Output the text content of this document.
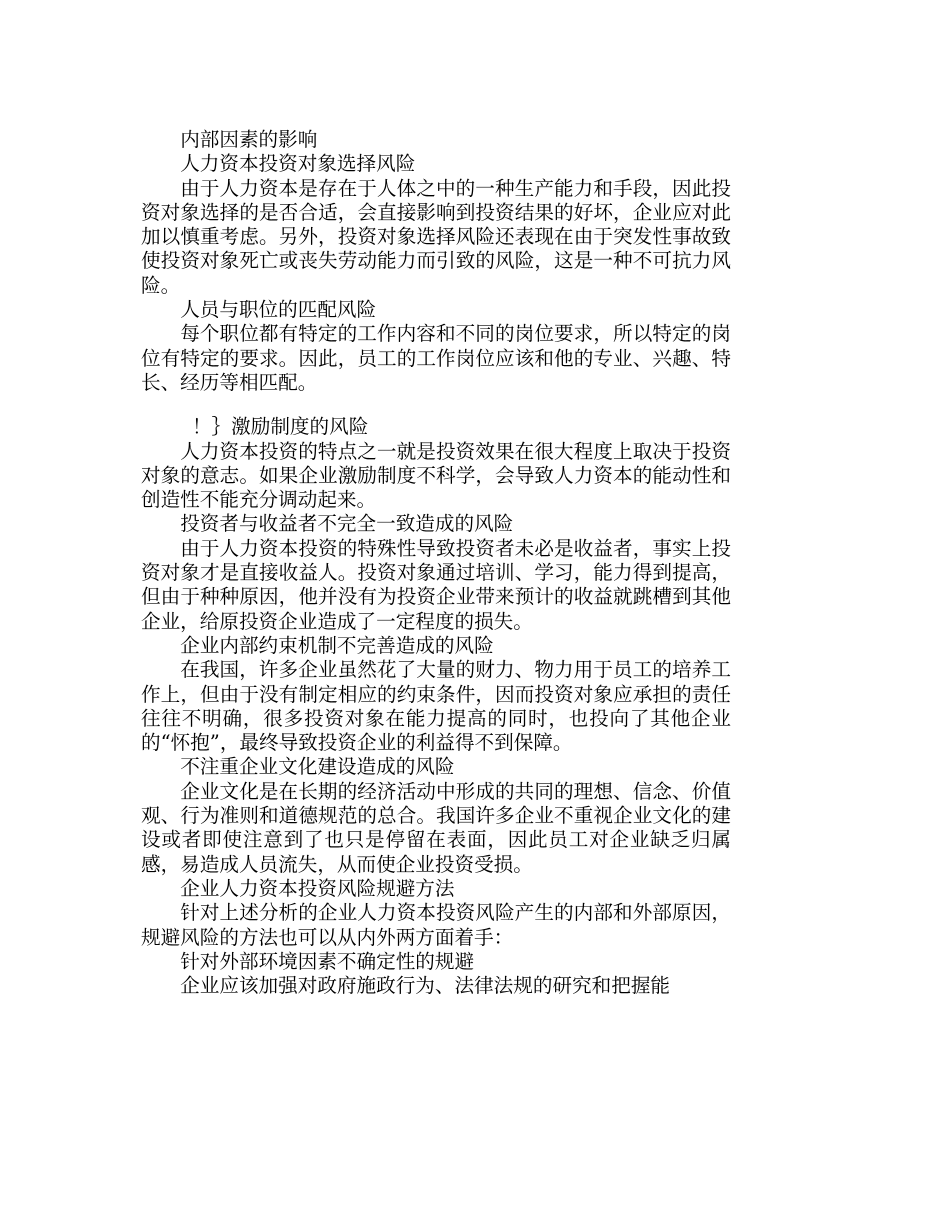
内部因素的影响

人力资本投资对象选择风险

由于人力资本是存在于人体之中的一种生产能力和手段，因此投资对象选择的是否合适，会直接影响到投资结果的好坏，企业应对此加以慎重考虑。另外，投资对象选择风险还表现在由于突发性事故致使投资对象死亡或丧失劳动能力而引致的风险，这是一种不可抗力风险。

人员与职位的匹配风险

每个职位都有特定的工作内容和不同的岗位要求，所以特定的岗位有特定的要求。因此，员工的工作岗位应该和他的专业、兴趣、特长、经历等相匹配。

！｝激励制度的风险

人力资本投资的特点之一就是投资效果在很大程度上取决于投资对象的意志。如果企业激励制度不科学，会导致人力资本的能动性和创造性不能充分调动起来。

投资者与收益者不完全一致造成的风险

由于人力资本投资的特殊性导致投资者未必是收益者，事实上投资对象才是直接收益人。投资对象通过培训、学习，能力得到提高，但由于种种原因，他并没有为投资企业带来预计的收益就跳槽到其他企业，给原投资企业造成了一定程度的损失。

企业内部约束机制不完善造成的风险

在我国，许多企业虽然花了大量的财力、物力用于员工的培养工作上，但由于没有制定相应的约束条件，因而投资对象应承担的责任往往不明确，很多投资对象在能力提高的同时，也投向了其他企业的“怀抱”，最终导致投资企业的利益得不到保障。

不注重企业文化建设造成的风险

企业文化是在长期的经济活动中形成的共同的理想、信念、价值观、行为准则和道德规范的总合。我国许多企业不重视企业文化的建设或者即使注意到了也只是停留在表面，因此员工对企业缺乏归属感，易造成人员流失，从而使企业投资受损。

企业人力资本投资风险规避方法

针对上述分析的企业人力资本投资风险产生的内部和外部原因，规避风险的方法也可以从内外两方面着手：

针对外部环境因素不确定性的规避

企业应该加强对政府施政行为、法律法规的研究和把握能
